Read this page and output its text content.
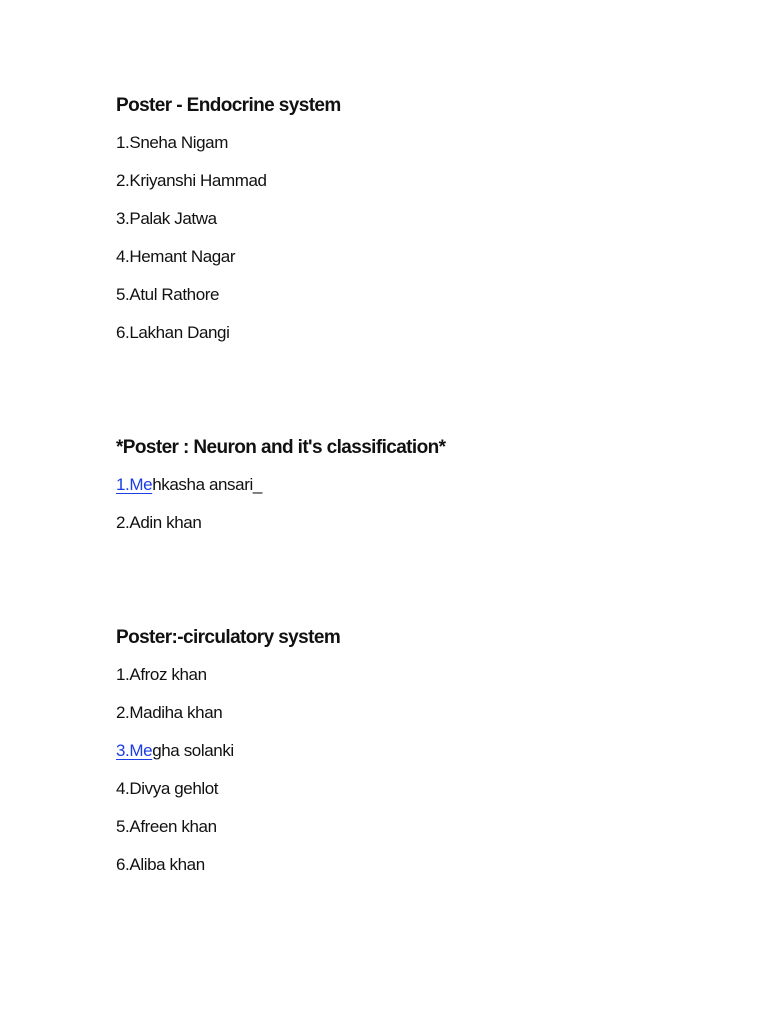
Poster - Endocrine system
1.Sneha Nigam
2.Kriyanshi Hammad
3.Palak Jatwa
4.Hemant Nagar
5.Atul Rathore
6.Lakhan Dangi
*Poster : Neuron and it's classification*
1.Mehkasha ansari_
2.Adin khan
Poster:-circulatory system
1.Afroz khan
2.Madiha khan
3.Megha solanki
4.Divya gehlot
5.Afreen khan
6.Aliba khan
